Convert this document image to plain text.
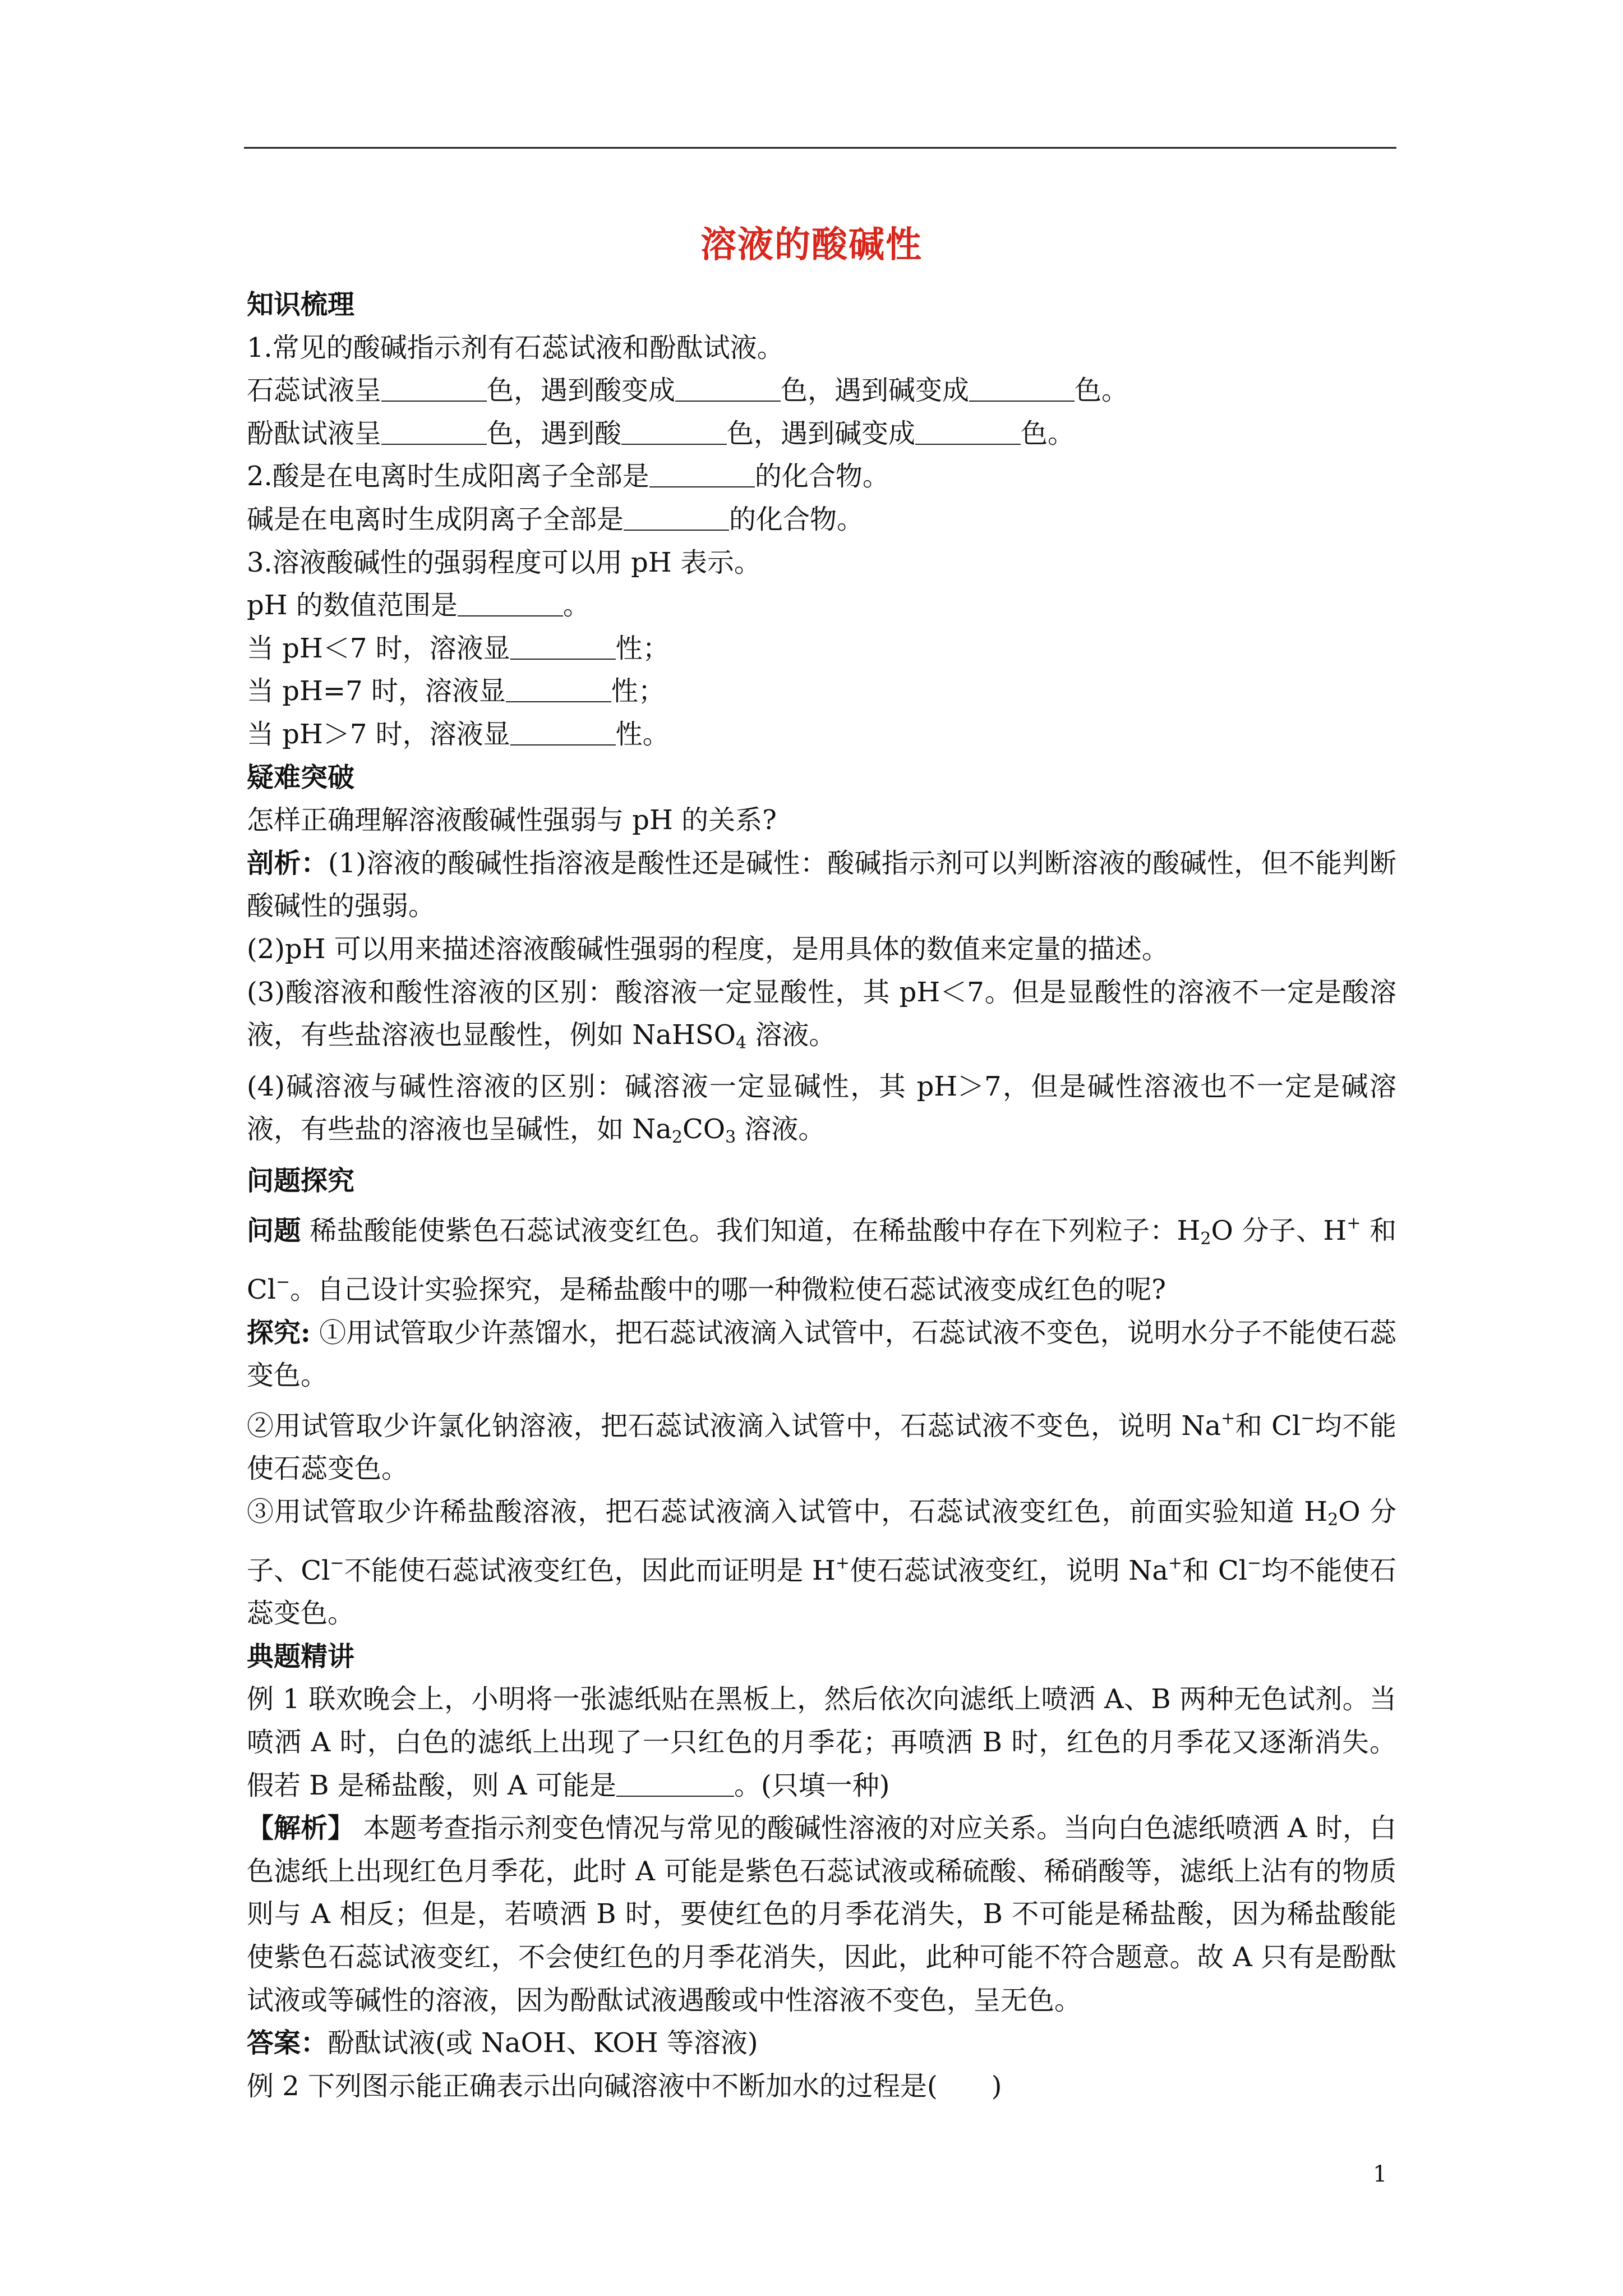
溶液的酸碱性
知识梳理
1.常见的酸碱指示剂有石蕊试液和酚酞试液。
石蕊试液呈	色，遇到酸变成	色，遇到碱变成	色。
酚酞试液呈	色，遇到酸	色，遇到碱变成	色。
2.酸是在电离时生成阳离子全部是	的化合物。
碱是在电离时生成阴离子全部是	的化合物。
3.溶液酸碱性的强弱程度可以用 pH 表示。
pH 的数值范围是	。
当 pH＜7 时，溶液显	性；
当 pH=7 时，溶液显	性；
当 pH＞7 时，溶液显	性。
疑难突破
怎样正确理解溶液酸碱性强弱与 pH 的关系?
剖析：(1)溶液的酸碱性指溶液是酸性还是碱性：酸碱指示剂可以判断溶液的酸碱性，但不能判断酸碱性的强弱。
(2)pH 可以用来描述溶液酸碱性强弱的程度，是用具体的数值来定量的描述。
(3)酸溶液和酸性溶液的区别：酸溶液一定显酸性，其 pH＜7。但是显酸性的溶液不一定是酸溶液，有些盐溶液也显酸性，例如 NaHSO$_4$ 溶液。
(4)碱溶液与碱性溶液的区别：碱溶液一定显碱性，其 pH＞7，但是碱性溶液也不一定是碱溶液，有些盐的溶液也呈碱性，如 $Na_2CO_3$ 溶液。
问题探究
问题 稀盐酸能使紫色石蕊试液变红色。我们知道，在稀盐酸中存在下列粒子：$H_2O$ 分子、H+ 和 Cl−。自己设计实验探究，是稀盐酸中的哪一种微粒使石蕊试液变成红色的呢?
探究: ①用试管取少许蒸馏水，把石蕊试液滴入试管中，石蕊试液不变色，说明水分子不能使石蕊变色。
②用试管取少许氯化钠溶液，把石蕊试液滴入试管中，石蕊试液不变色，说明 Na+和 Cl−均不能使石蕊变色。
③用试管取少许稀盐酸溶液，把石蕊试液滴入试管中，石蕊试液变红色，前面实验知道 $H_2O$ 分子、Cl−不能使石蕊试液变红色，因此而证明是 H+使石蕊试液变红，说明 Na+和 Cl−均不能使石蕊变色。
典题精讲
例 1 联欢晚会上，小明将一张滤纸贴在黑板上，然后依次向滤纸上喷洒 A、B 两种无色试剂。当喷洒 A 时，白色的滤纸上出现了一只红色的月季花；再喷洒 B 时，红色的月季花又逐渐消失。假若 B 是稀盐酸，则 A 可能是	。(只填一种)
【解析】 本题考查指示剂变色情况与常见的酸碱性溶液的对应关系。当向白色滤纸喷洒 A 时，白色滤纸上出现红色月季花，此时 A 可能是紫色石蕊试液或稀硫酸、稀硝酸等，滤纸上沾有的物质则与 A 相反；但是，若喷洒 B 时，要使红色的月季花消失，B 不可能是稀盐酸，因为稀盐酸能使紫色石蕊试液变红，不会使红色的月季花消失，因此，此种可能不符合题意。故 A 只有是酚酞试液或等碱性的溶液，因为酚酞试液遇酸或中性溶液不变色，呈无色。
答案：酚酞试液(或 NaOH、KOH 等溶液)
例 2 下列图示能正确表示出向碱溶液中不断加水的过程是(　　)
1
